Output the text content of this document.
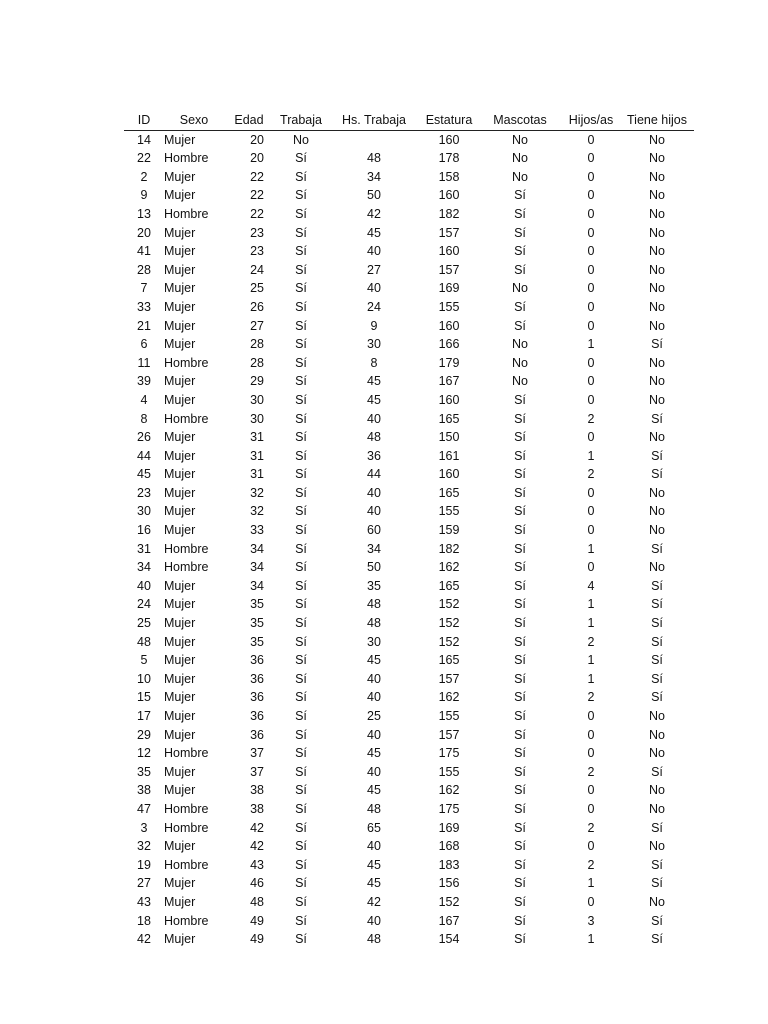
ID	Sexo	Edad	Trabaja	Hs. Trabaja	Estatura	Mascotas	Hijos/as	Tiene hijos
14	Mujer	20	No		160	No	0	No
22	Hombre	20	Sí	48	178	No	0	No
2	Mujer	22	Sí	34	158	No	0	No
9	Mujer	22	Sí	50	160	Sí	0	No
13	Hombre	22	Sí	42	182	Sí	0	No
20	Mujer	23	Sí	45	157	Sí	0	No
41	Mujer	23	Sí	40	160	Sí	0	No
28	Mujer	24	Sí	27	157	Sí	0	No
7	Mujer	25	Sí	40	169	No	0	No
33	Mujer	26	Sí	24	155	Sí	0	No
21	Mujer	27	Sí	9	160	Sí	0	No
6	Mujer	28	Sí	30	166	No	1	Sí
11	Hombre	28	Sí	8	179	No	0	No
39	Mujer	29	Sí	45	167	No	0	No
4	Mujer	30	Sí	45	160	Sí	0	No
8	Hombre	30	Sí	40	165	Sí	2	Sí
26	Mujer	31	Sí	48	150	Sí	0	No
44	Mujer	31	Sí	36	161	Sí	1	Sí
45	Mujer	31	Sí	44	160	Sí	2	Sí
23	Mujer	32	Sí	40	165	Sí	0	No
30	Mujer	32	Sí	40	155	Sí	0	No
16	Mujer	33	Sí	60	159	Sí	0	No
31	Hombre	34	Sí	34	182	Sí	1	Sí
34	Hombre	34	Sí	50	162	Sí	0	No
40	Mujer	34	Sí	35	165	Sí	4	Sí
24	Mujer	35	Sí	48	152	Sí	1	Sí
25	Mujer	35	Sí	48	152	Sí	1	Sí
48	Mujer	35	Sí	30	152	Sí	2	Sí
5	Mujer	36	Sí	45	165	Sí	1	Sí
10	Mujer	36	Sí	40	157	Sí	1	Sí
15	Mujer	36	Sí	40	162	Sí	2	Sí
17	Mujer	36	Sí	25	155	Sí	0	No
29	Mujer	36	Sí	40	157	Sí	0	No
12	Hombre	37	Sí	45	175	Sí	0	No
35	Mujer	37	Sí	40	155	Sí	2	Sí
38	Mujer	38	Sí	45	162	Sí	0	No
47	Hombre	38	Sí	48	175	Sí	0	No
3	Hombre	42	Sí	65	169	Sí	2	Sí
32	Mujer	42	Sí	40	168	Sí	0	No
19	Hombre	43	Sí	45	183	Sí	2	Sí
27	Mujer	46	Sí	45	156	Sí	1	Sí
43	Mujer	48	Sí	42	152	Sí	0	No
18	Hombre	49	Sí	40	167	Sí	3	Sí
42	Mujer	49	Sí	48	154	Sí	1	Sí
